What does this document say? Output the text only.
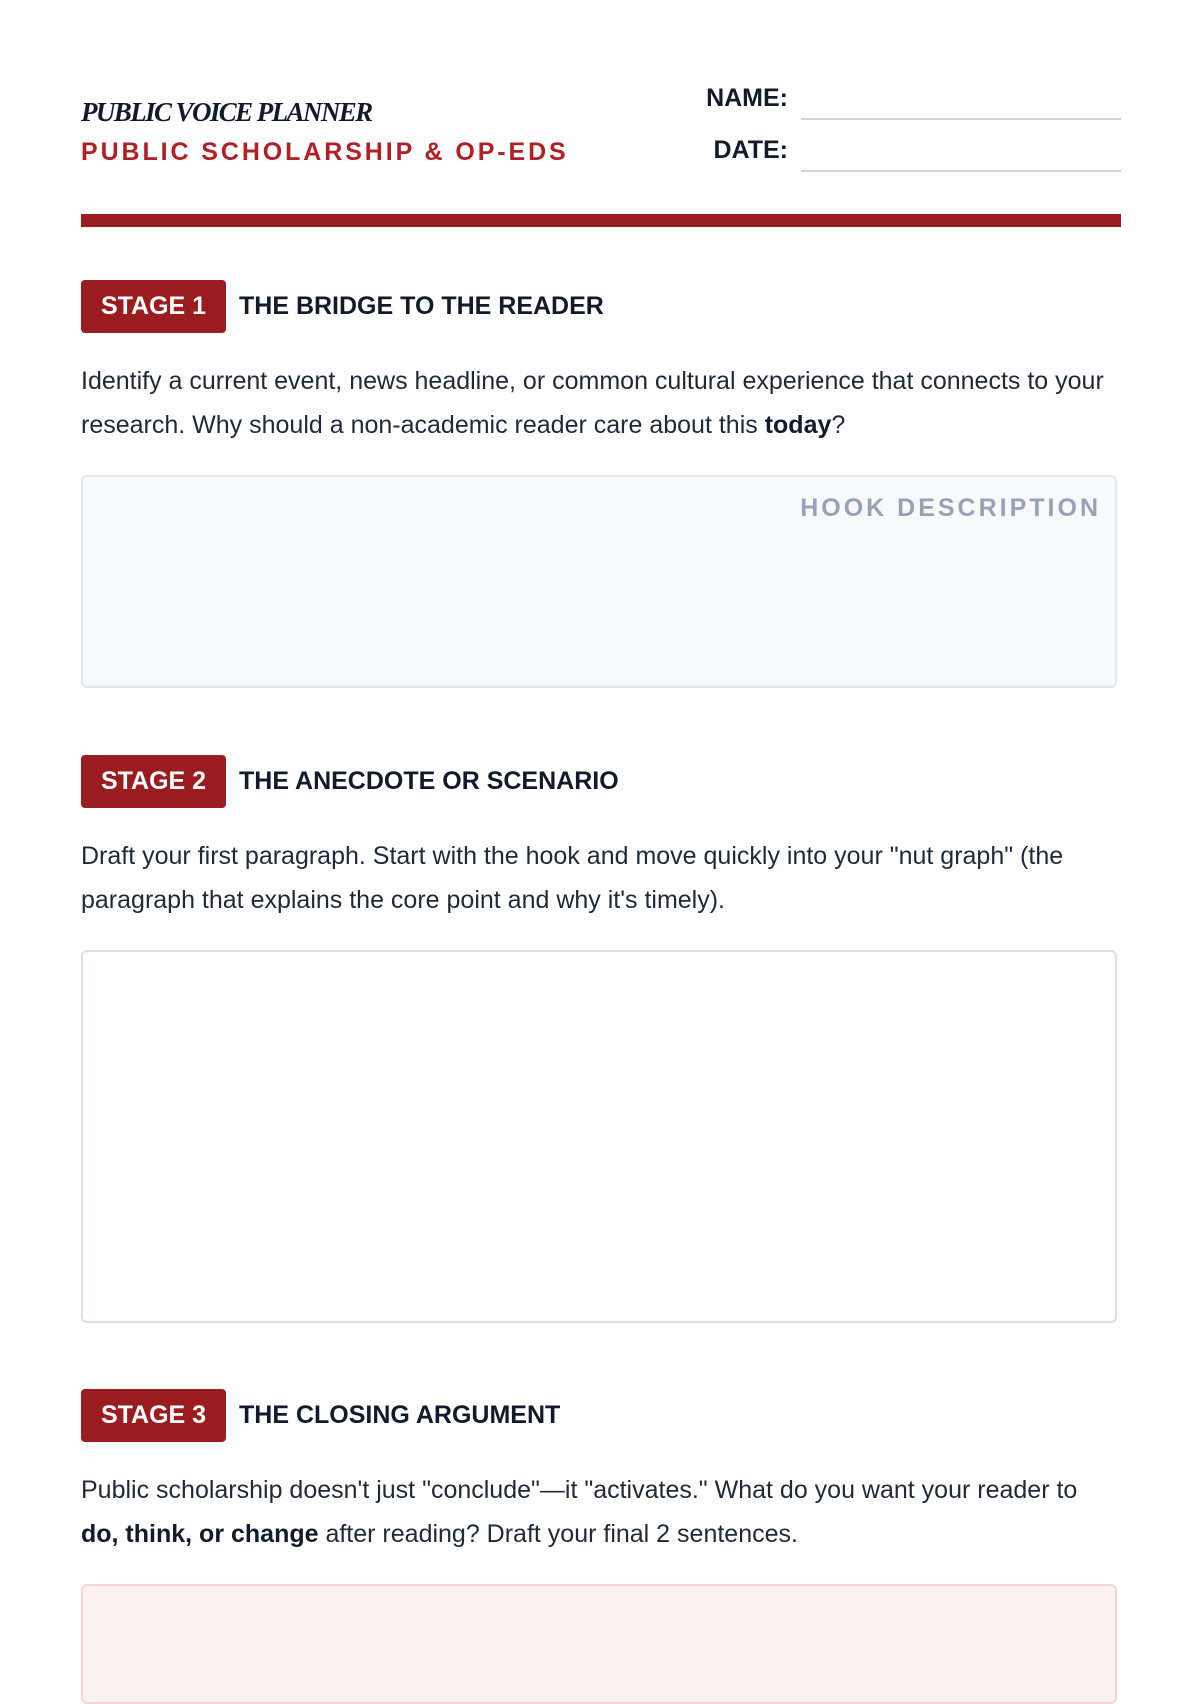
PUBLIC VOICE PLANNER
PUBLIC SCHOLARSHIP & OP-EDS
NAME:
DATE:
STAGE 1	THE BRIDGE TO THE READER
Identify a current event, news headline, or common cultural experience that connects to your research. Why should a non-academic reader care about this today?
HOOK DESCRIPTION
STAGE 2	THE ANECDOTE OR SCENARIO
Draft your first paragraph. Start with the hook and move quickly into your "nut graph" (the paragraph that explains the core point and why it's timely).
STAGE 3	THE CLOSING ARGUMENT
Public scholarship doesn't just "conclude"—it "activates." What do you want your reader to do, think, or change after reading? Draft your final 2 sentences.
